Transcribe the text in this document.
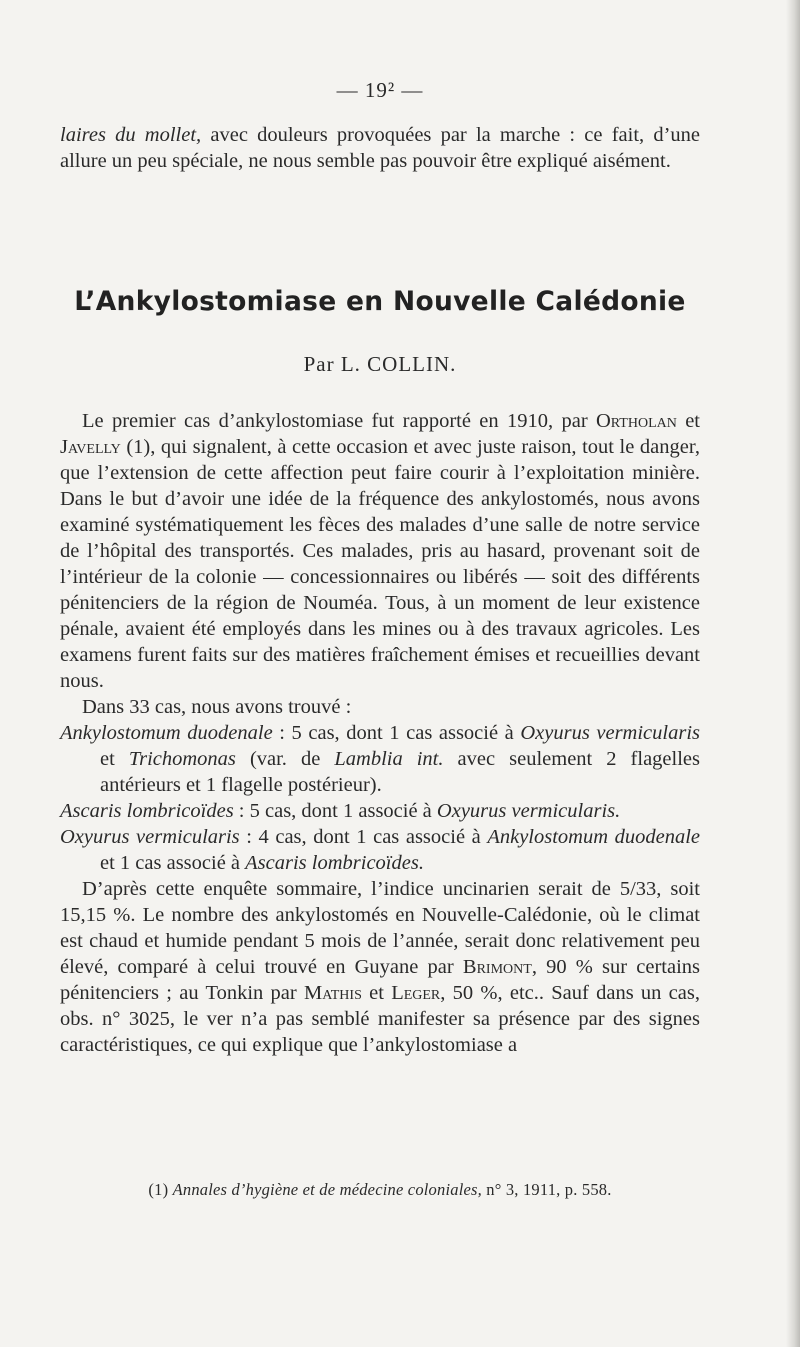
— 19² —

laires du mollet, avec douleurs provoquées par la marche : ce fait, d’une allure un peu spéciale, ne nous semble pas pouvoir être expliqué aisément.

L’Ankylostomiase en Nouvelle Calédonie
Par L. COLLIN.

Le premier cas d’ankylostomiase fut rapporté en 1910, par Ortholan et Javelly (1), qui signalent, à cette occasion et avec juste raison, tout le danger, que l’extension de cette affection peut faire courir à l’exploitation minière. Dans le but d’avoir une idée de la fréquence des ankylostomés, nous avons examiné systématiquement les fèces des malades d’une salle de notre service de l’hôpital des transportés. Ces malades, pris au hasard, provenant soit de l’intérieur de la colonie — concessionnaires ou libérés — soit des différents pénitenciers de la région de Nouméa. Tous, à un moment de leur existence pénale, avaient été employés dans les mines ou à des travaux agricoles. Les examens furent faits sur des matières fraîchement émises et recueillies devant nous.

Dans 33 cas, nous avons trouvé :

Ankylostomum duodenale : 5 cas, dont 1 cas associé à Oxyurus vermicularis et Trichomonas (var. de Lamblia int. avec seulement 2 flagelles antérieurs et 1 flagelle postérieur).

Ascaris lombricoïdes : 5 cas, dont 1 associé à Oxyurus vermicularis.

Oxyurus vermicularis : 4 cas, dont 1 cas associé à Ankylostomum duodenale et 1 cas associé à Ascaris lombricoïdes.

D’après cette enquête sommaire, l’indice uncinarien serait de 5/33, soit 15,15 %. Le nombre des ankylostomés en Nouvelle-Calédonie, où le climat est chaud et humide pendant 5 mois de l’année, serait donc relativement peu élevé, comparé à celui trouvé en Guyane par Brimont, 90 % sur certains pénitenciers ; au Tonkin par Mathis et Leger, 50 %, etc.. Sauf dans un cas, obs. n° 3025, le ver n’a pas semblé manifester sa présence par des signes caractéristiques, ce qui explique que l’ankylostomiase a

(1) Annales d’hygiène et de médecine coloniales, n° 3, 1911, p. 558.
